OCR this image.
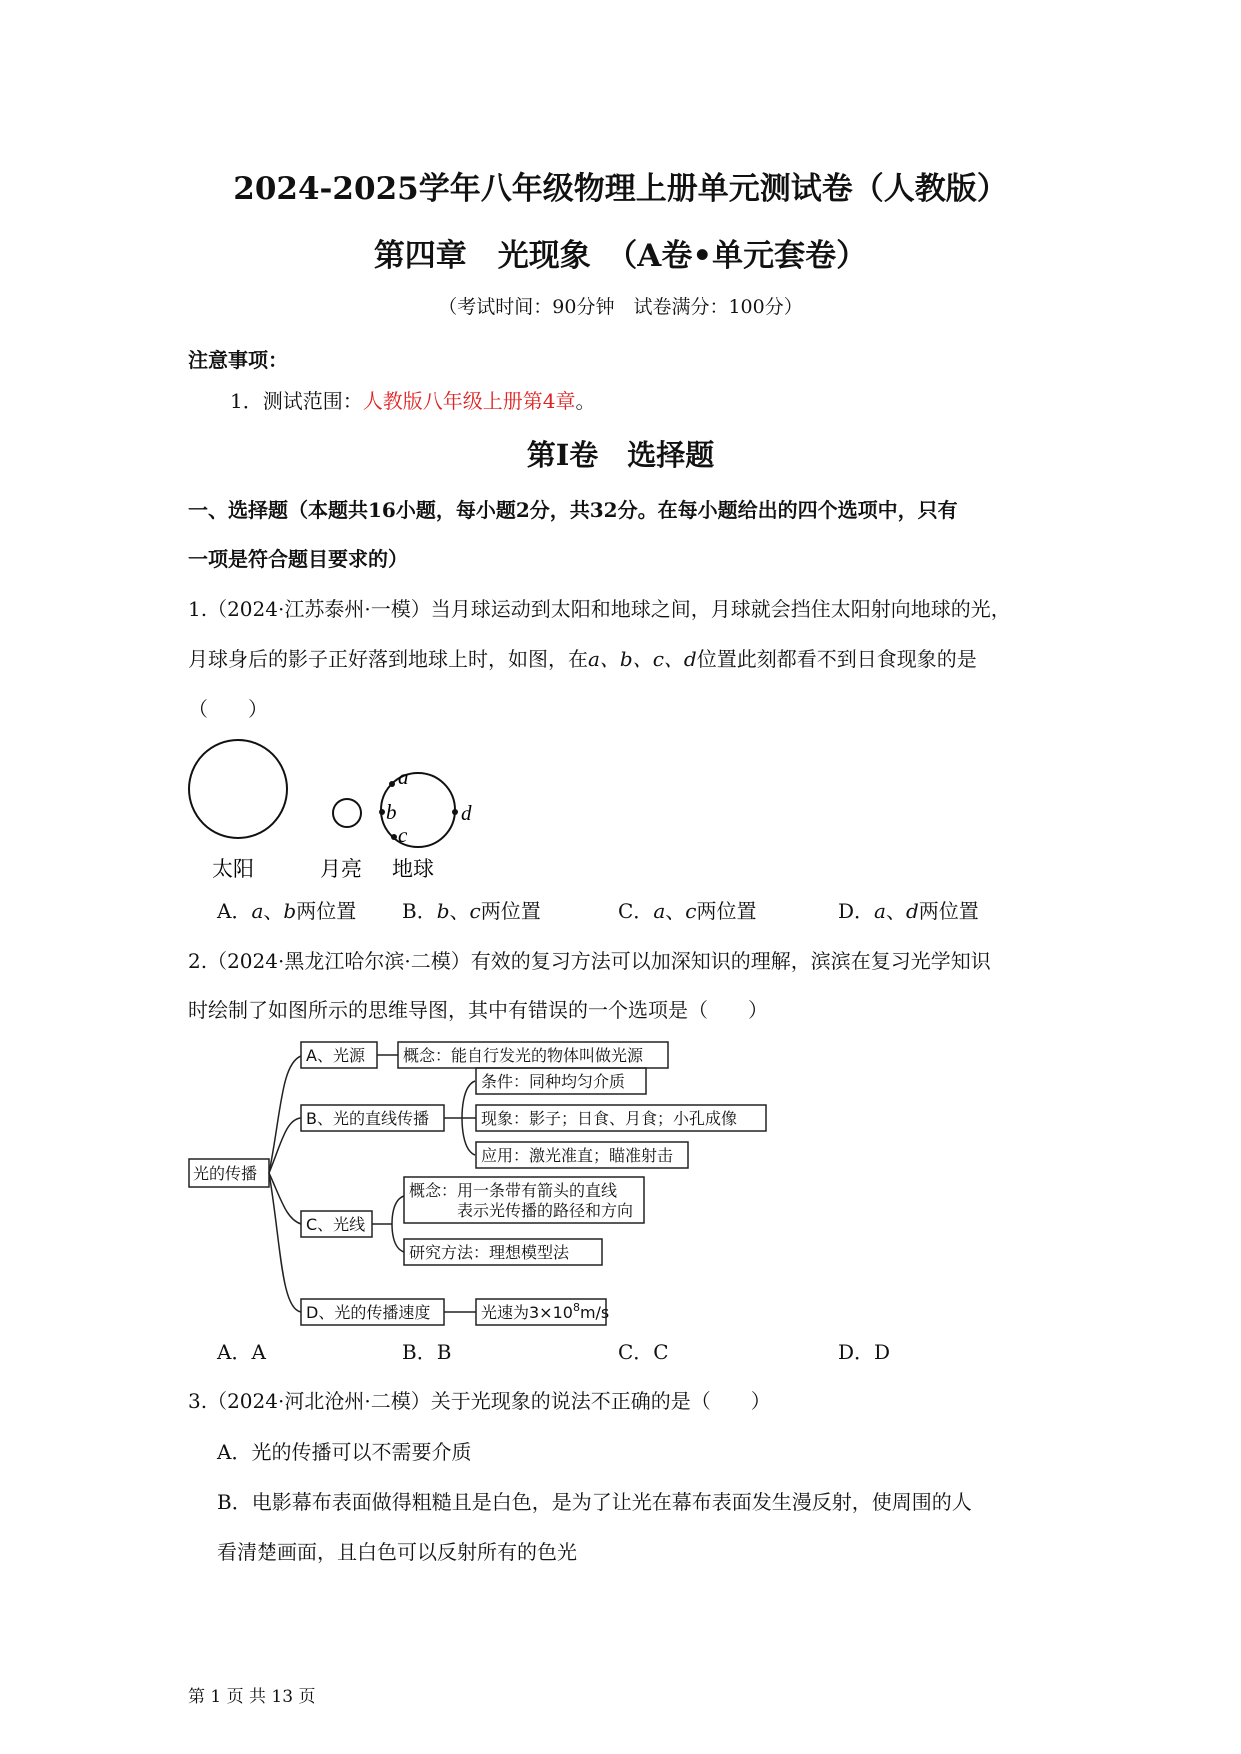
2024-2025学年八年级物理上册单元测试卷（人教版）
第四章　光现象　（A卷•单元套卷）
（考试时间：90分钟　试卷满分：100分）
注意事项：
1．测试范围：人教版八年级上册第4章。
第Ⅰ卷　选择题
一、选择题（本题共16小题，每小题2分，共32分。在每小题给出的四个选项中，只有
一项是符合题目要求的）
1.（2024·江苏泰州·一模）当月球运动到太阳和地球之间，月球就会挡住太阳射向地球的光，
月球身后的影子正好落到地球上时，如图，在a、b、c、d位置此刻都看不到日食现象的是
（　　）
a
b
c
d
太阳	月亮 地球
A．a、b两位置 B．b、c两位置	C．a、c两位置	D．a、d两位置
2.（2024·黑龙江哈尔滨·二模）有效的复习方法可以加深知识的理解，滨滨在复习光学知识
时绘制了如图所示的思维导图，其中有错误的一个选项是（　　）
光的传播
A、光源 概念：能自行发光的物体叫做光源
B、光的直线传播
条件：同种均匀介质
现象：影子；日食、月食；小孔成像
应用：激光准直；瞄准射击
C、光线
概念：用一条带有箭头的直线
表示光传播的路径和方向
研究方法：理想模型法
D、光的传播速度	光速为$3\times 10^8m/s$
A．A	B．B	C．C	D．D
3.（2024·河北沧州·二模）关于光现象的说法不正确的是（　　）
A．光的传播可以不需要介质
B．电影幕布表面做得粗糙且是白色，是为了让光在幕布表面发生漫反射，使周围的人
看清楚画面，且白色可以反射所有的色光
第 1 页 共 13 页
